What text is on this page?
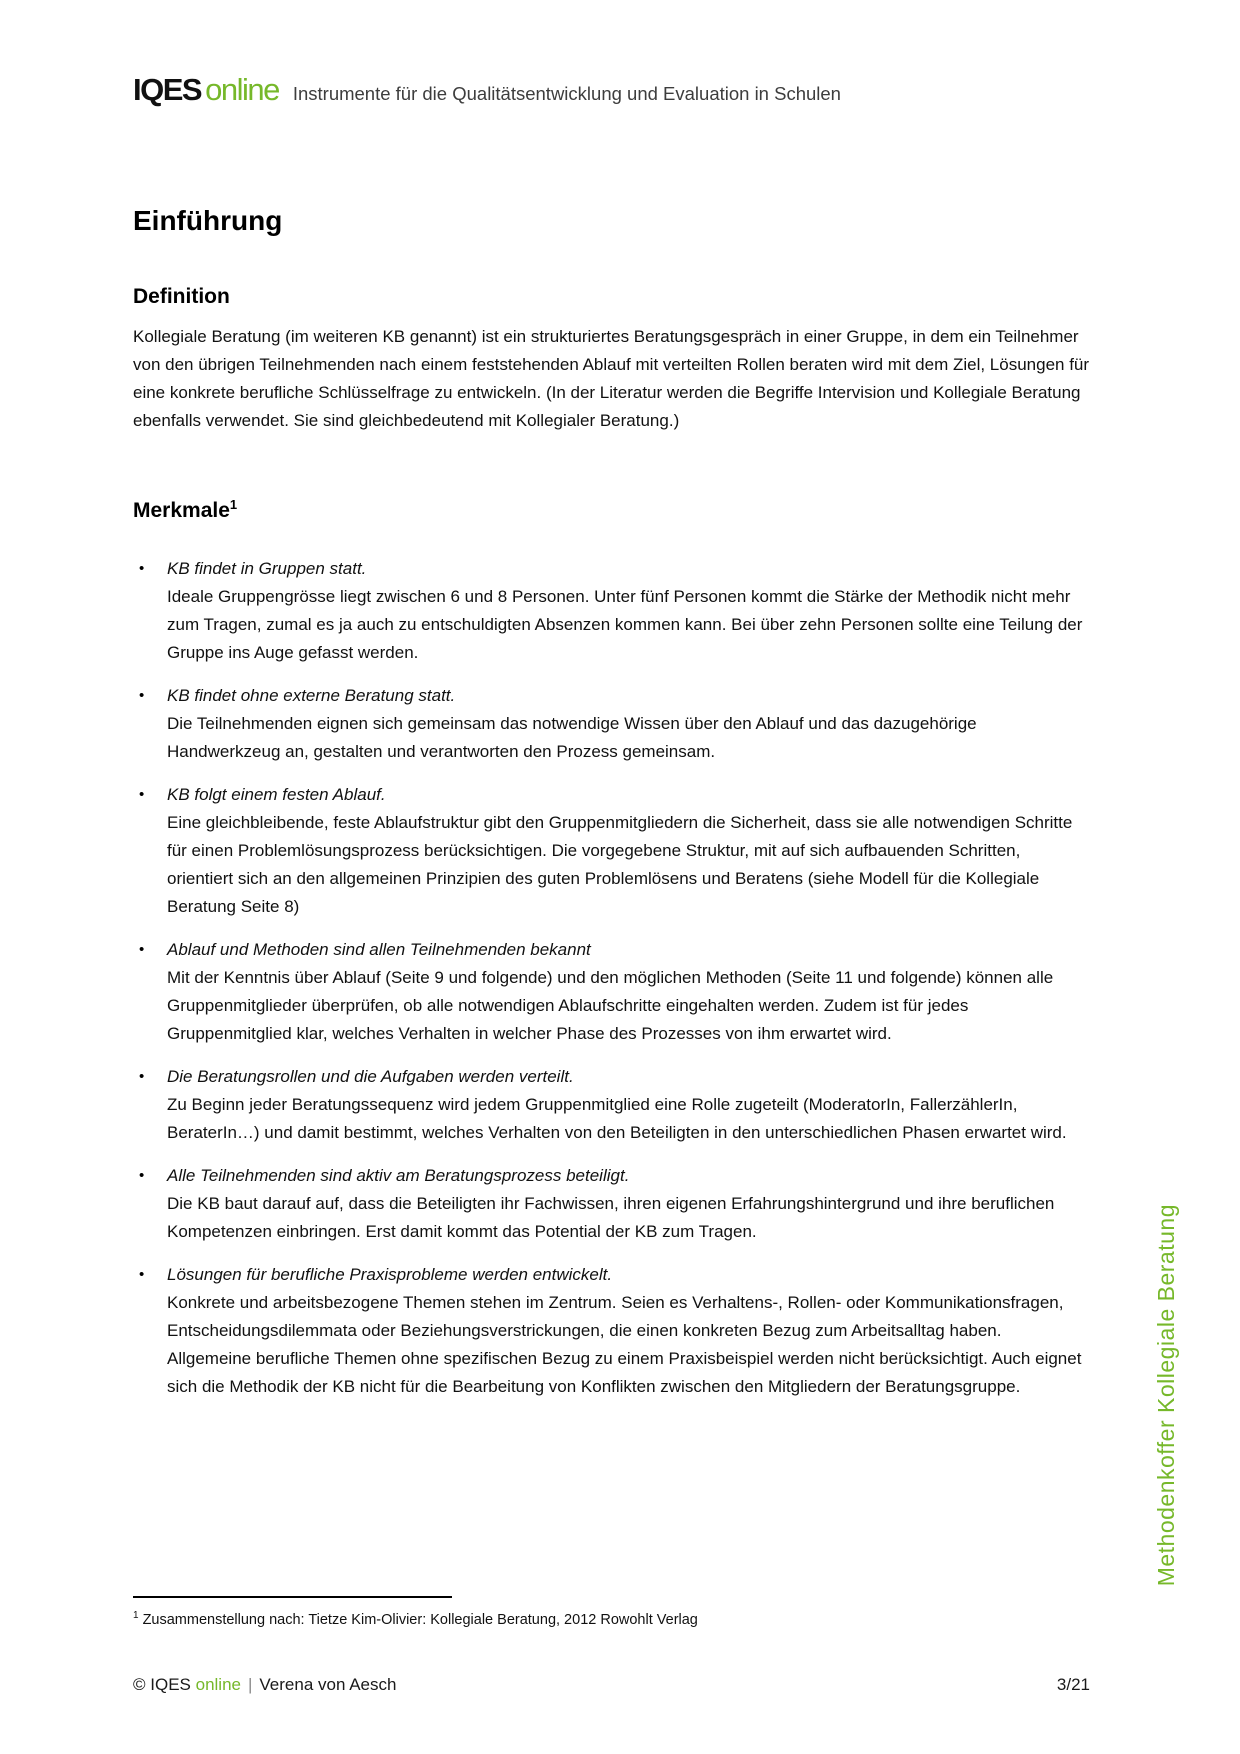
IQES online Instrumente für die Qualitätsentwicklung und Evaluation in Schulen
Einführung
Definition

Kollegiale Beratung (im weiteren KB genannt) ist ein strukturiertes Beratungsgespräch in einer Gruppe, in dem ein Teilnehmer von den übrigen Teilnehmenden nach einem feststehenden Ablauf mit verteilten Rollen beraten wird mit dem Ziel, Lösungen für eine konkrete berufliche Schlüsselfrage zu entwickeln. (In der Literatur werden die Begriffe Intervision und Kollegiale Beratung ebenfalls verwendet. Sie sind gleichbedeutend mit Kollegialer Beratung.)

Merkmale$^1$
•	KB findet in Gruppen statt.
Ideale Gruppengrösse liegt zwischen 6 und 8 Personen. Unter fünf Personen kommt die Stärke der Methodik nicht mehr zum Tragen, zumal es ja auch zu entschuldigten Absenzen kommen kann. Bei über zehn Personen sollte eine Teilung der Gruppe ins Auge gefasst werden.
•	KB findet ohne externe Beratung statt.
Die Teilnehmenden eignen sich gemeinsam das notwendige Wissen über den Ablauf und das dazugehörige Handwerkzeug an, gestalten und verantworten den Prozess gemeinsam.
•	KB folgt einem festen Ablauf.
Eine gleichbleibende, feste Ablaufstruktur gibt den Gruppenmitgliedern die Sicherheit, dass sie alle notwendigen Schritte für einen Problemlösungsprozess berücksichtigen. Die vorgegebene Struktur, mit auf sich aufbauenden Schritten, orientiert sich an den allgemeinen Prinzipien des guten Problemlösens und Beratens (siehe Modell für die Kollegiale Beratung Seite 8)
•	Ablauf und Methoden sind allen Teilnehmenden bekannt
Mit der Kenntnis über Ablauf (Seite 9 und folgende) und den möglichen Methoden (Seite 11 und folgende) können alle Gruppenmitglieder überprüfen, ob alle notwendigen Ablaufschritte eingehalten werden. Zudem ist für jedes Gruppenmitglied klar, welches Verhalten in welcher Phase des Prozesses von ihm erwartet wird.
•	Die Beratungsrollen und die Aufgaben werden verteilt.
Zu Beginn jeder Beratungssequenz wird jedem Gruppenmitglied eine Rolle zugeteilt (ModeratorIn, FallerzählerIn, BeraterIn…) und damit bestimmt, welches Verhalten von den Beteiligten in den unterschiedlichen Phasen erwartet wird.
•	Alle Teilnehmenden sind aktiv am Beratungsprozess beteiligt.
Die KB baut darauf auf, dass die Beteiligten ihr Fachwissen, ihren eigenen Erfahrungshintergrund und ihre beruflichen Kompetenzen einbringen. Erst damit kommt das Potential der KB zum Tragen.
•	Lösungen für berufliche Praxisprobleme werden entwickelt.
Konkrete und arbeitsbezogene Themen stehen im Zentrum. Seien es Verhaltens-, Rollen- oder Kommunikationsfragen, Entscheidungsdilemmata oder Beziehungsverstrickungen, die einen konkreten Bezug zum Arbeitsalltag haben.
Allgemeine berufliche Themen ohne spezifischen Bezug zu einem Praxisbeispiel werden nicht berücksichtigt. Auch eignet sich die Methodik der KB nicht für die Bearbeitung von Konflikten zwischen den Mitgliedern der Beratungsgruppe.
$^1$ Zusammenstellung nach: Tietze Kim-Olivier: Kollegiale Beratung, 2012 Rowohlt Verlag
© IQES online | Verena von Aesch	3/21
Methodenkoffer Kollegiale Beratung
